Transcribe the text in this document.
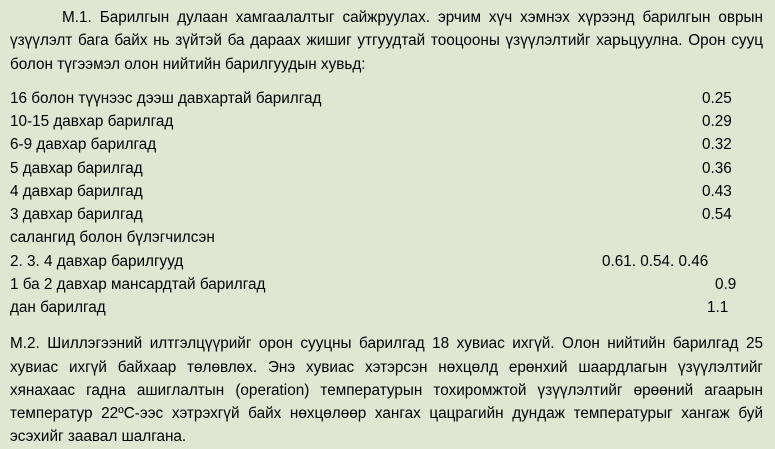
М.1. Барилгын дулаан хамгаалалтыг сайжруулах. эрчим хүч хэмнэх хүрээнд барилгын оврын үзүүлэлт бага байх нь зүйтэй ба дараах жишиг утгуудтай тооцооны үзүүлэлтийг харьцуулна. Орон сууц болон түгээмэл олон нийтийн барилгуудын хувьд:

16 болон түүнээс дээш давхартай барилгад	0.25
10-15 давхар барилгад	0.29
6-9 давхар барилгад	0.32
5 давхар барилгад	0.36
4 давхар барилгад	0.43
3 давхар барилгад	0.54
салангид болон бүлэгчилсэн	
2. 3. 4 давхар барилгууд	0.61. 0.54. 0.46
1 ба 2 давхар мансардтай барилгад	0.9
дан барилгад	1.1

М.2. Шиллэгээний илтгэлцүүрийг орон сууцны барилгад 18 хувиас ихгүй. Олон нийтийн барилгад 25 хувиас ихгүй байхаар төлөвлөх. Энэ хувиас хэтэрсэн нөхцөлд ерөнхий шаардлагын үзүүлэлтийг хянахаас гадна ашиглалтын (operation) температурын тохиромжтой үзүүлэлтийг өрөөний агаарын температур 22ºС-ээс хэтрэхгүй байх нөхцөлөөр хангах цацрагийн дундаж температурыг хангаж буй эсэхийг заавал шалгана.
